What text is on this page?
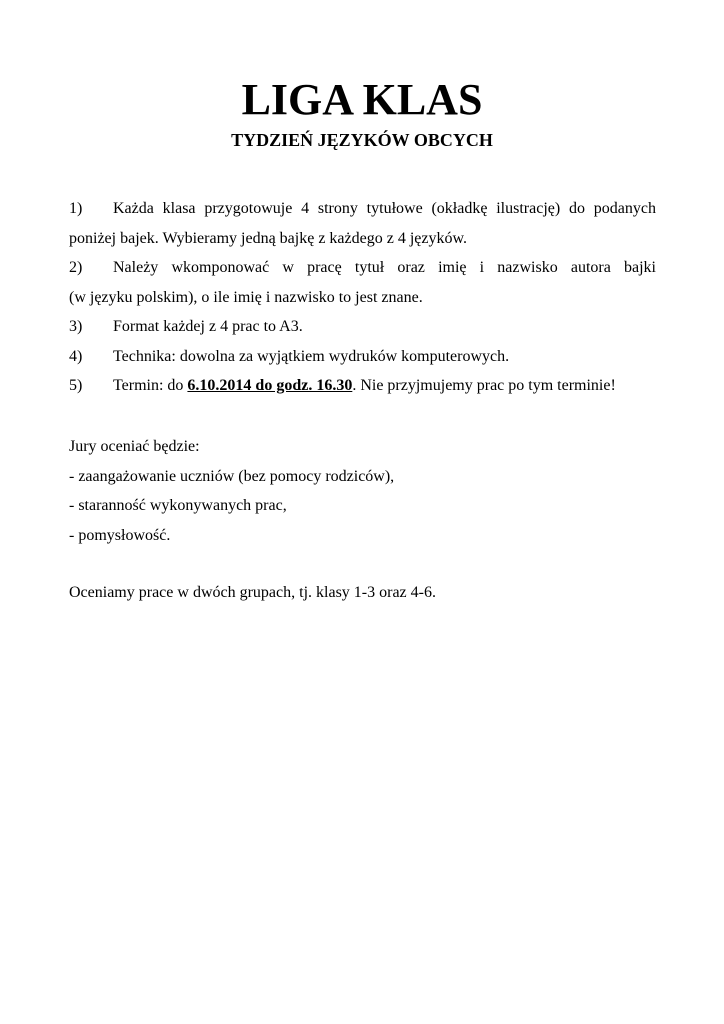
LIGA KLAS
TYDZIEŃ JĘZYKÓW OBCYCH
1)	Każda klasa przygotowuje 4 strony tytułowe (okładkę ilustrację) do podanych
poniżej bajek. Wybieramy jedną bajkę z każdego z 4 języków.
2)	Należy wkomponować w pracę tytuł oraz imię i nazwisko autora bajki
(w języku polskim), o ile imię i nazwisko to jest znane.
3)	Format każdej z 4 prac to A3.
4)	Technika: dowolna za wyjątkiem wydruków komputerowych.
5)	Termin: do 6.10.2014 do godz. 16.30. Nie przyjmujemy prac po tym terminie!
Jury oceniać będzie:
- zaangażowanie uczniów (bez pomocy rodziców),
- staranność wykonywanych prac,
- pomysłowość.
Oceniamy prace w dwóch grupach, tj. klasy 1-3 oraz 4-6.
